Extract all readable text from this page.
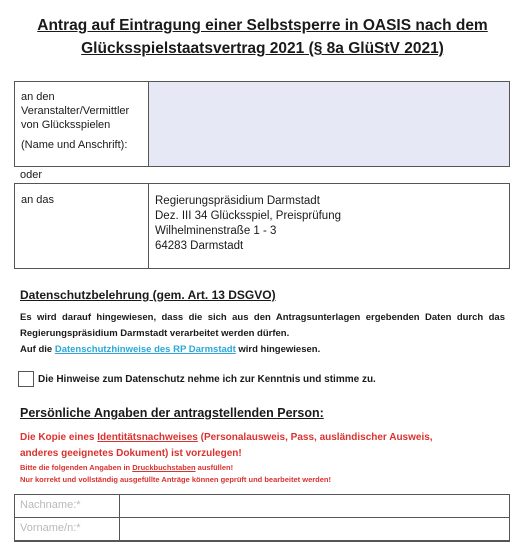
Antrag auf Eintragung einer Selbstsperre in OASIS nach dem
Glücksspielstaatsvertrag 2021 (§ 8a GlüStV 2021)
an den
Veranstalter/Vermittler
von Glücksspielen
(Name und Anschrift):
oder
an das	Regierungspräsidium Darmstadt
Dez. III 34 Glücksspiel, Preisprüfung
Wilhelminenstraße 1 - 3
64283 Darmstadt
Datenschutzbelehrung (gem. Art. 13 DSGVO)
Es wird darauf hingewiesen, dass die sich aus den Antragsunterlagen ergebenden Daten durch das Regierungspräsidium Darmstadt verarbeitet werden dürfen.
Auf die Datenschutzhinweise des RP Darmstadt wird hingewiesen.
Die Hinweise zum Datenschutz nehme ich zur Kenntnis und stimme zu.
Persönliche Angaben der antragstellenden Person:
Die Kopie eines Identitätsnachweises (Personalausweis, Pass, ausländischer Ausweis,
anderes geeignetes Dokument) ist vorzulegen!
Bitte die folgenden Angaben in Druckbuchstaben ausfüllen!
Nur korrekt und vollständig ausgefüllte Anträge können geprüft und bearbeitet werden!
Nachname:*
Vorname/n:*
